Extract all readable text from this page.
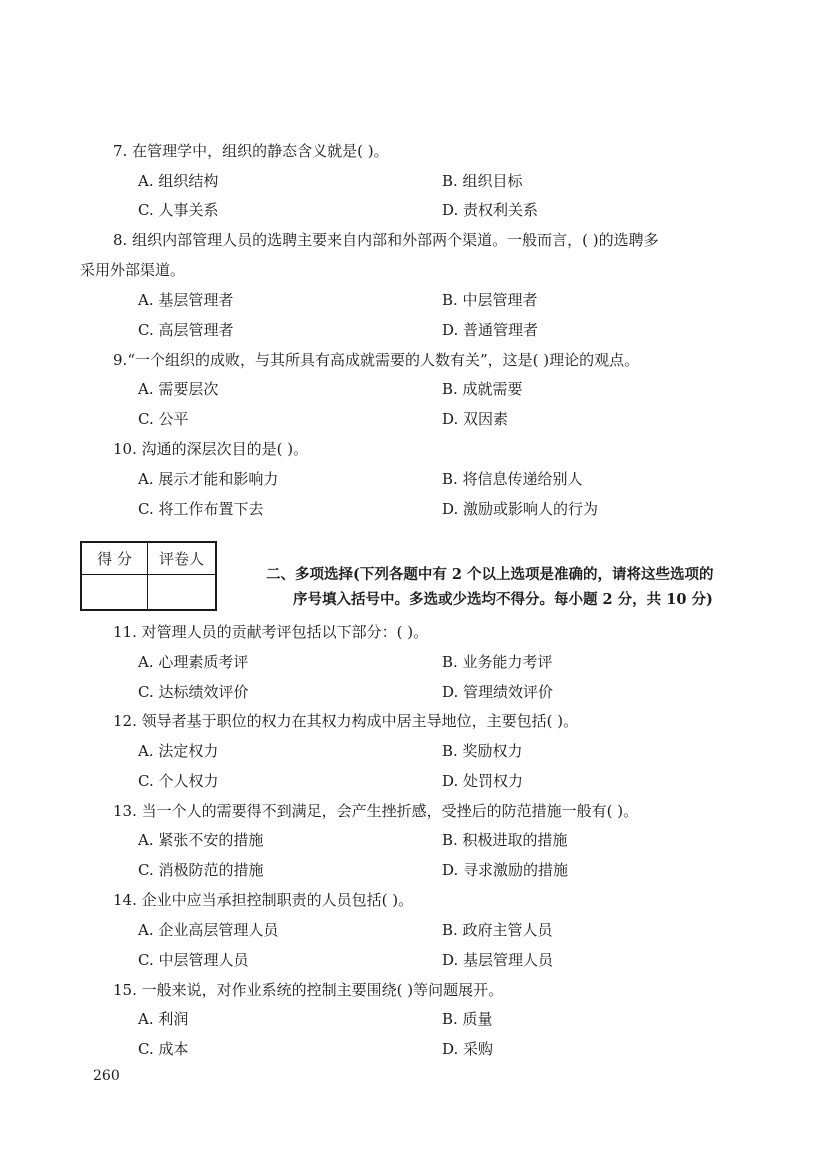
7. 在管理学中，组织的静态含义就是( )。
A. 组织结构	B. 组织目标
C. 人事关系	D. 责权利关系
8. 组织内部管理人员的选聘主要来自内部和外部两个渠道。一般而言，( )的选聘多
采用外部渠道。
A. 基层管理者	B. 中层管理者
C. 高层管理者	D. 普通管理者
9.“一个组织的成败，与其所具有高成就需要的人数有关”，这是( )理论的观点。
A. 需要层次	B. 成就需要
C. 公平	D. 双因素
10. 沟通的深层次目的是( )。
A. 展示才能和影响力	B. 将信息传递给别人
C. 将工作布置下去	D. 激励或影响人的行为
得 分	评卷人

二、多项选择(下列各题中有 2 个以上选项是准确的，请将这些选项的
序号填入括号中。多选或少选均不得分。每小题 2 分，共 10 分)
11. 对管理人员的贡献考评包括以下部分：( )。
A. 心理素质考评	B. 业务能力考评
C. 达标绩效评价	D. 管理绩效评价
12. 领导者基于职位的权力在其权力构成中居主导地位，主要包括( )。
A. 法定权力	B. 奖励权力
C. 个人权力	D. 处罚权力
13. 当一个人的需要得不到满足，会产生挫折感，受挫后的防范措施一般有( )。
A. 紧张不安的措施	B. 积极进取的措施
C. 消极防范的措施	D. 寻求激励的措施
14. 企业中应当承担控制职责的人员包括( )。
A. 企业高层管理人员	B. 政府主管人员
C. 中层管理人员	D. 基层管理人员
15. 一般来说，对作业系统的控制主要围绕( )等问题展开。
A. 利润	B. 质量
C. 成本	D. 采购
260
